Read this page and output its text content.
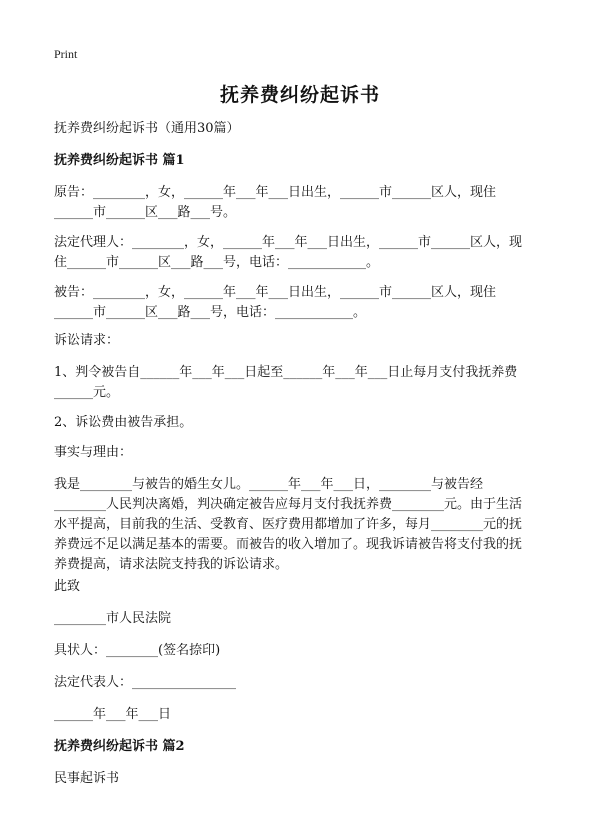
Print
抚养费纠纷起诉书
抚养费纠纷起诉书（通用30篇）
抚养费纠纷起诉书 篇1
原告：________，女，______年___年___日出生，______市______区人，现住
______市______区___路___号。
法定代理人：________，女，______年___年___日出生，______市______区人，现
住______市______区___路___号，电话：____________。
被告：________，女，______年___年___日出生，______市______区人，现住
______市______区___路___号，电话：____________。
诉讼请求：
1、判令被告自______年___年___日起至______年___年___日止每月支付我抚养费
______元。
2、诉讼费由被告承担。
事实与理由：
我是________与被告的婚生女儿。______年___年___日，________与被告经
________人民判决离婚，判决确定被告应每月支付我抚养费________元。由于生活
水平提高，目前我的生活、受教育、医疗费用都增加了许多，每月________元的抚
养费远不足以满足基本的需要。而被告的收入增加了。现我诉请被告将支付我的抚
养费提高，请求法院支持我的诉讼请求。
此致
________市人民法院
具状人：________(签名捺印)
法定代表人：________________
______年___年___日
抚养费纠纷起诉书 篇2
民事起诉书
